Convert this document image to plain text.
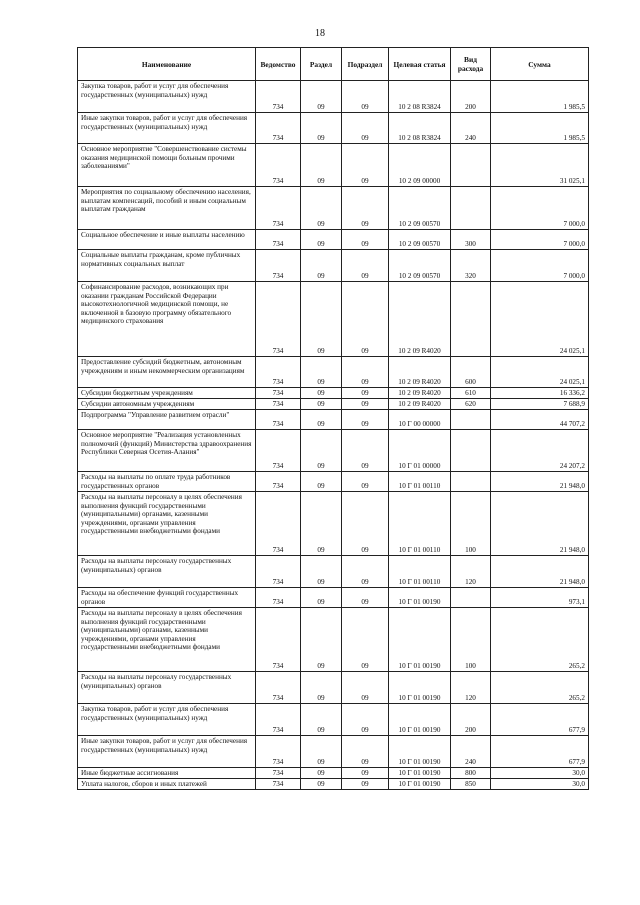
18
Наименование	Ведомство	Раздел	Подраздел	Целевая статья	Вид расхода	Сумма
Закупка товаров, работ и услуг для обеспечения государственных (муниципальных) нужд	734	09	09	10 2 08 R3824	200	1 985,5
Иные закупки товаров, работ и услуг для обеспечения государственных (муниципальных) нужд	734	09	09	10 2 08 R3824	240	1 985,5
Основное мероприятие "Совершенствование системы оказания медицинской помощи больным прочими заболеваниями"	734	09	09	10 2 09 00000		31 025,1
Мероприятия по социальному обеспечению населения, выплатам компенсаций, пособий и иным социальным выплатам гражданам	734	09	09	10 2 09 00570		7 000,0
Социальное обеспечение и иные выплаты населению	734	09	09	10 2 09 00570	300	7 000,0
Социальные выплаты гражданам, кроме публичных нормативных социальных выплат	734	09	09	10 2 09 00570	320	7 000,0
Софинансирование расходов, возникающих при оказании гражданам Российской Федерации высокотехнологичной медицинской помощи, не включенной в базовую программу обязательного медицинского страхования	734	09	09	10 2 09 R4020		24 025,1
Предоставление субсидий бюджетным, автономным учреждениям и иным некоммерческим организациям	734	09	09	10 2 09 R4020	600	24 025,1
Субсидии бюджетным учреждениям	734	09	09	10 2 09 R4020	610	16 336,2
Субсидии автономным учреждениям	734	09	09	10 2 09 R4020	620	7 688,9
Подпрограмма "Управление развитием отрасли"	734	09	09	10 Г 00 00000		44 707,2
Основное мероприятие "Реализация установленных полномочий (функций) Министерства здравоохранения Республики Северная Осетия-Алания"	734	09	09	10 Г 01 00000		24 207,2
Расходы на выплаты по оплате труда работников государственных органов	734	09	09	10 Г 01 00110		21 948,0
Расходы на выплаты персоналу в целях обеспечения выполнения функций государственными (муниципальными) органами, казенными учреждениями, органами управления государственными внебюджетными фондами	734	09	09	10 Г 01 00110	100	21 948,0
Расходы на выплаты персоналу государственных (муниципальных) органов	734	09	09	10 Г 01 00110	120	21 948,0
Расходы на обеспечение функций государственных органов	734	09	09	10 Г 01 00190		973,1
Расходы на выплаты персоналу в целях обеспечения выполнения функций государственными (муниципальными) органами, казенными учреждениями, органами управления государственными внебюджетными фондами	734	09	09	10 Г 01 00190	100	265,2
Расходы на выплаты персоналу государственных (муниципальных) органов	734	09	09	10 Г 01 00190	120	265,2
Закупка товаров, работ и услуг для обеспечения государственных (муниципальных) нужд	734	09	09	10 Г 01 00190	200	677,9
Иные закупки товаров, работ и услуг для обеспечения государственных (муниципальных) нужд	734	09	09	10 Г 01 00190	240	677,9
Иные бюджетные ассигнования	734	09	09	10 Г 01 00190	800	30,0
Уплата налогов, сборов и иных платежей	734	09	09	10 Г 01 00190	850	30,0
